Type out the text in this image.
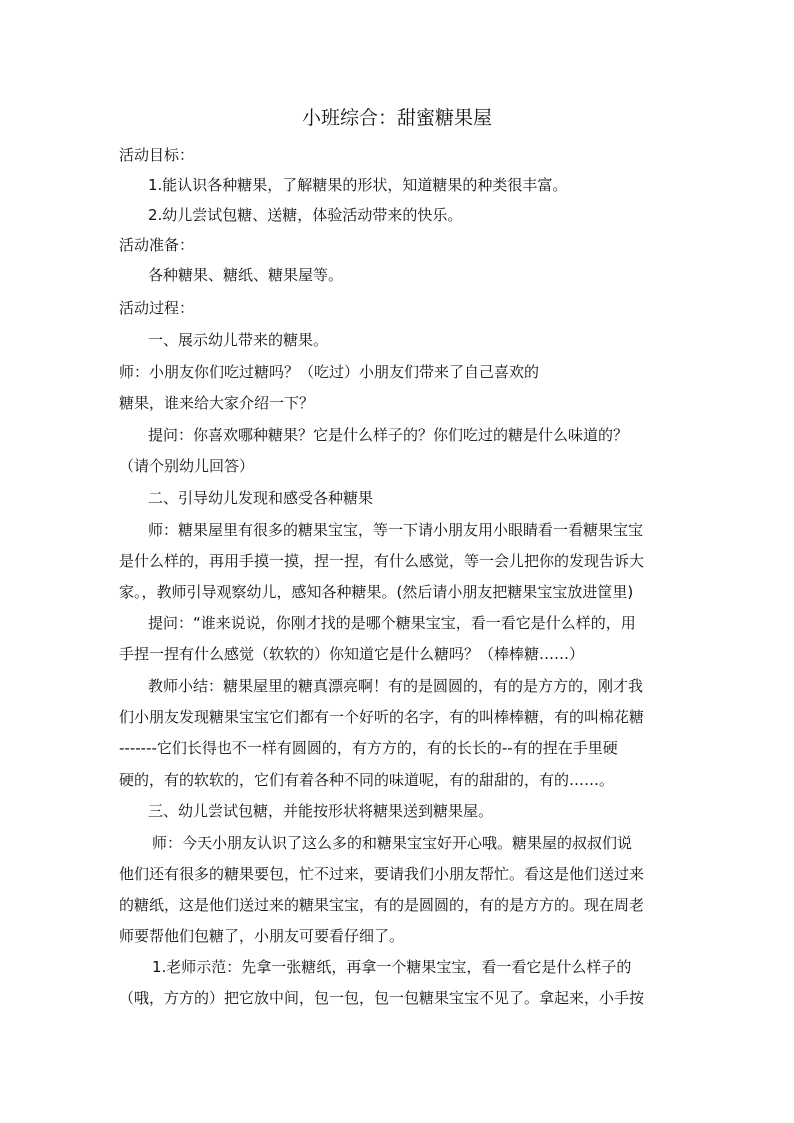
小班综合：甜蜜糖果屋
活动目标：
1.能认识各种糖果，了解糖果的形状，知道糖果的种类很丰富。
2.幼儿尝试包糖、送糖，体验活动带来的快乐。
活动准备：
各种糖果、糖纸、糖果屋等。
活动过程：
一、展示幼儿带来的糖果。
师：小朋友你们吃过糖吗？（吃过）小朋友们带来了自己喜欢的
糖果，谁来给大家介绍一下？
提问：你喜欢哪种糖果？它是什么样子的？你们吃过的糖是什么味道的？
（请个别幼儿回答）
二、引导幼儿发现和感受各种糖果
师：糖果屋里有很多的糖果宝宝，等一下请小朋友用小眼睛看一看糖果宝宝
是什么样的，再用手摸一摸，捏一捏，有什么感觉，等一会儿把你的发现告诉大
家。，教师引导观察幼儿，感知各种糖果。(然后请小朋友把糖果宝宝放进筐里)
提问：“谁来说说，你刚才找的是哪个糖果宝宝，看一看它是什么样的，用
手捏一捏有什么感觉（软软的）你知道它是什么糖吗？（棒棒糖……）
教师小结：糖果屋里的糖真漂亮啊！有的是圆圆的，有的是方方的，刚才我
们小朋友发现糖果宝宝它们都有一个好听的名字，有的叫棒棒糖，有的叫棉花糖
-------它们长得也不一样有圆圆的，有方方的，有的长长的--有的捏在手里硬
硬的，有的软软的，它们有着各种不同的味道呢，有的甜甜的，有的……。
三、幼儿尝试包糖，并能按形状将糖果送到糖果屋。
师：今天小朋友认识了这么多的和糖果宝宝好开心哦。糖果屋的叔叔们说
他们还有很多的糖果要包，忙不过来，要请我们小朋友帮忙。看这是他们送过来
的糖纸，这是他们送过来的糖果宝宝，有的是圆圆的，有的是方方的。现在周老
师要帮他们包糖了，小朋友可要看仔细了。
1.老师示范：先拿一张糖纸，再拿一个糖果宝宝，看一看它是什么样子的
（哦，方方的）把它放中间，包一包，包一包糖果宝宝不见了。拿起来，小手按
